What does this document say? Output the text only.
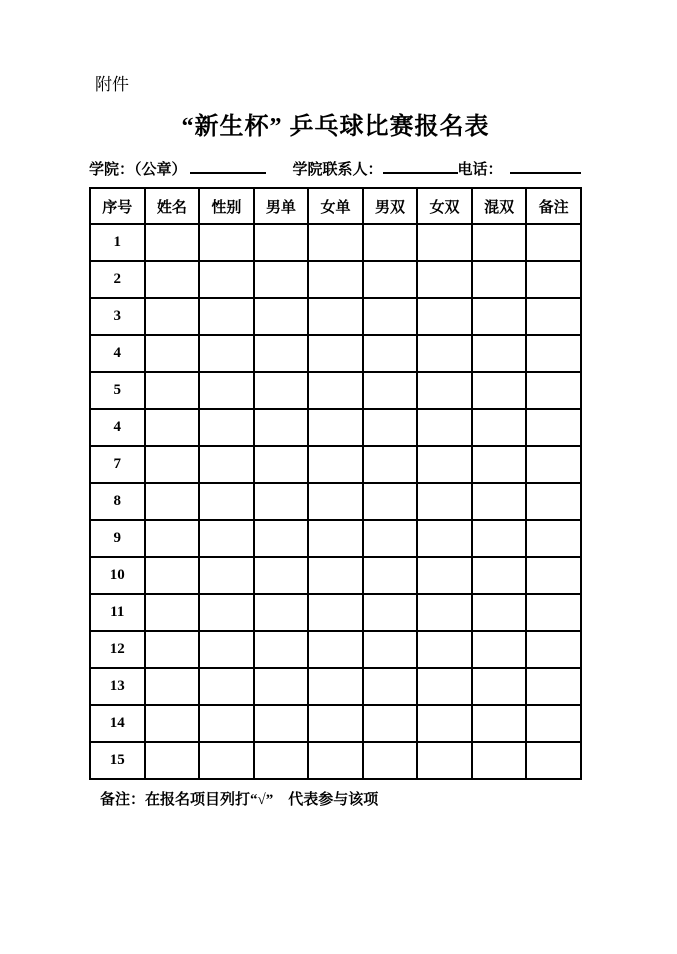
附件
“新生杯” 乒乓球比赛报名表
学院：（公章）	学院联系人：	电话：
序号	姓名	性别	男单	女单	男双	女双	混双	备注
1								
2								
3								
4								
5								
4								
7								
8								
9								
10								
11								
12								
13								
14								
15								
备注：在报名项目列打“√”    代表参与该项
